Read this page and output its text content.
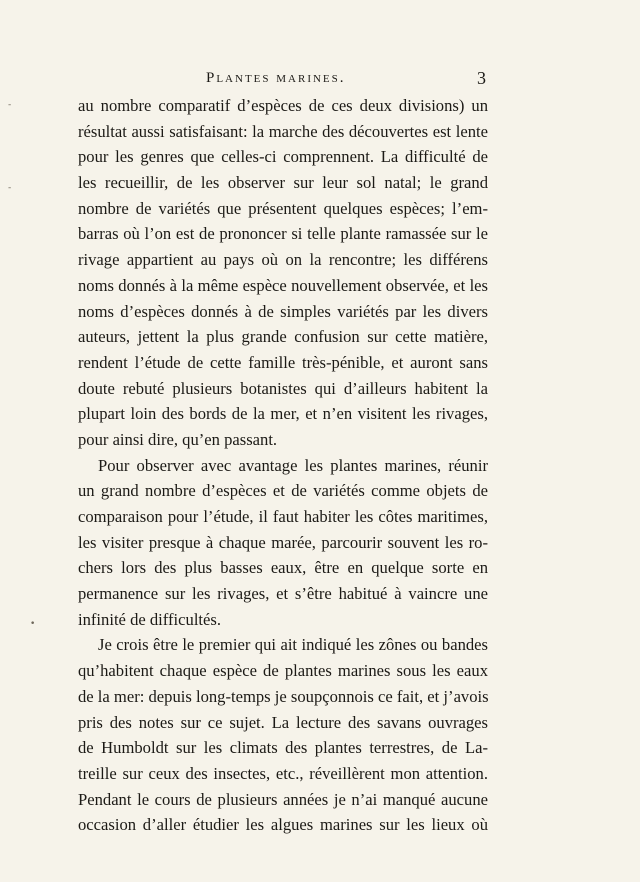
Plantes marines.	3
-
-
•
au nombre comparatif d’espèces de ces deux divisions) un
résultat aussi satisfaisant: la marche des découvertes est lente
pour les genres que celles-ci comprennent. La difficulté de
les recueillir, de les observer sur leur sol natal; le grand
nombre de variétés que présentent quelques espèces; l’em-
barras où l’on est de prononcer si telle plante ramassée sur le
rivage appartient au pays où on la rencontre; les différens
noms donnés à la même espèce nouvellement observée, et les
noms d’espèces donnés à de simples variétés par les divers
auteurs, jettent la plus grande confusion sur cette matière,
rendent l’étude de cette famille très-pénible, et auront sans
doute rebuté plusieurs botanistes qui d’ailleurs habitent la
plupart loin des bords de la mer, et n’en visitent les rivages,
pour ainsi dire, qu’en passant.
Pour observer avec avantage les plantes marines, réunir
un grand nombre d’espèces et de variétés comme objets de
comparaison pour l’étude, il faut habiter les côtes maritimes,
les visiter presque à chaque marée, parcourir souvent les ro-
chers lors des plus basses eaux, être en quelque sorte en
permanence sur les rivages, et s’être habitué à vaincre une
infinité de difficultés.
Je crois être le premier qui ait indiqué les zônes ou bandes
qu’habitent chaque espèce de plantes marines sous les eaux
de la mer: depuis long-temps je soupçonnois ce fait, et j’avois
pris des notes sur ce sujet. La lecture des savans ouvrages
de Humboldt sur les climats des plantes terrestres, de La-
treille sur ceux des insectes, etc., réveillèrent mon attention.
Pendant le cours de plusieurs années je n’ai manqué aucune
occasion d’aller étudier les algues marines sur les lieux où
